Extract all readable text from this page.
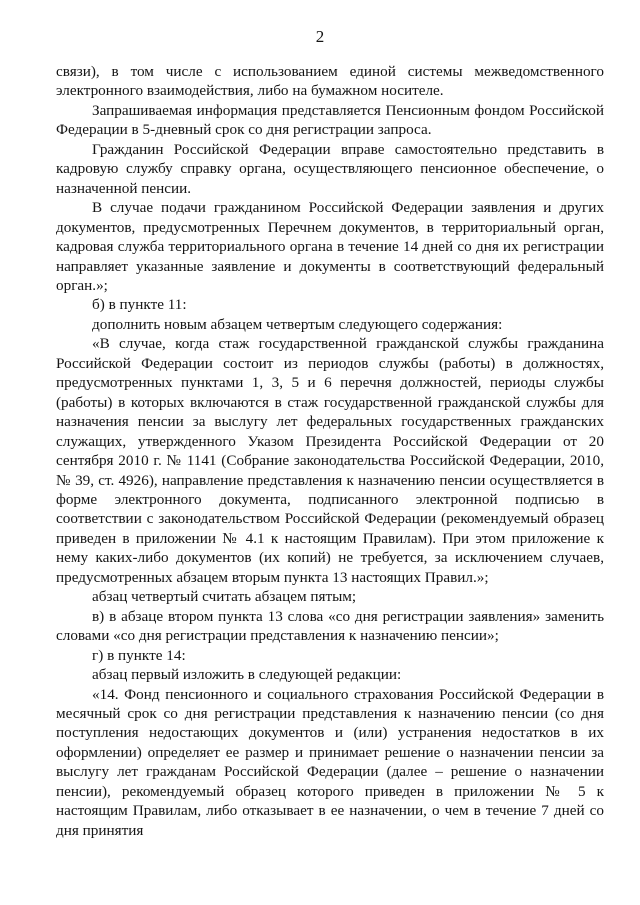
2

связи), в том числе с использованием единой системы межведомственного электронного взаимодействия, либо на бумажном носителе.

Запрашиваемая информация представляется Пенсионным фондом Российской Федерации в 5-дневный срок со дня регистрации запроса.

Гражданин Российской Федерации вправе самостоятельно представить в кадровую службу справку органа, осуществляющего пенсионное обеспечение, о назначенной пенсии.

В случае подачи гражданином Российской Федерации заявления и других документов, предусмотренных Перечнем документов, в территориальный орган, кадровая служба территориального органа в течение 14 дней со дня их регистрации направляет указанные заявление и документы в соответствующий федеральный орган.»;

б) в пункте 11:

дополнить новым абзацем четвертым следующего содержания:

«В случае, когда стаж государственной гражданской службы гражданина Российской Федерации состоит из периодов службы (работы) в должностях, предусмотренных пунктами 1, 3, 5 и 6 перечня должностей, периоды службы (работы) в которых включаются в стаж государственной гражданской службы для назначения пенсии за выслугу лет федеральных государственных гражданских служащих, утвержденного Указом Президента Российской Федерации от 20 сентября 2010 г. № 1141 (Собрание законодательства Российской Федерации, 2010, № 39, ст. 4926), направление представления к назначению пенсии осуществляется в форме электронного документа, подписанного электронной подписью в соответствии с законодательством Российской Федерации (рекомендуемый образец приведен в приложении № 4.1 к настоящим Правилам). При этом приложение к нему каких-либо документов (их копий) не требуется, за исключением случаев, предусмотренных абзацем вторым пункта 13 настоящих Правил.»;

абзац четвертый считать абзацем пятым;

в) в абзаце втором пункта 13 слова «со дня регистрации заявления» заменить словами «со дня регистрации представления к назначению пенсии»;

г) в пункте 14:

абзац первый изложить в следующей редакции:

«14. Фонд пенсионного и социального страхования Российской Федерации в месячный срок со дня регистрации представления к назначению пенсии (со дня поступления недостающих документов и (или) устранения недостатков в их оформлении) определяет ее размер и принимает решение о назначении пенсии за выслугу лет гражданам Российской Федерации (далее – решение о назначении пенсии), рекомендуемый образец которого приведен в приложении № 5 к настоящим Правилам, либо отказывает в ее назначении, о чем в течение 7 дней со дня принятия
